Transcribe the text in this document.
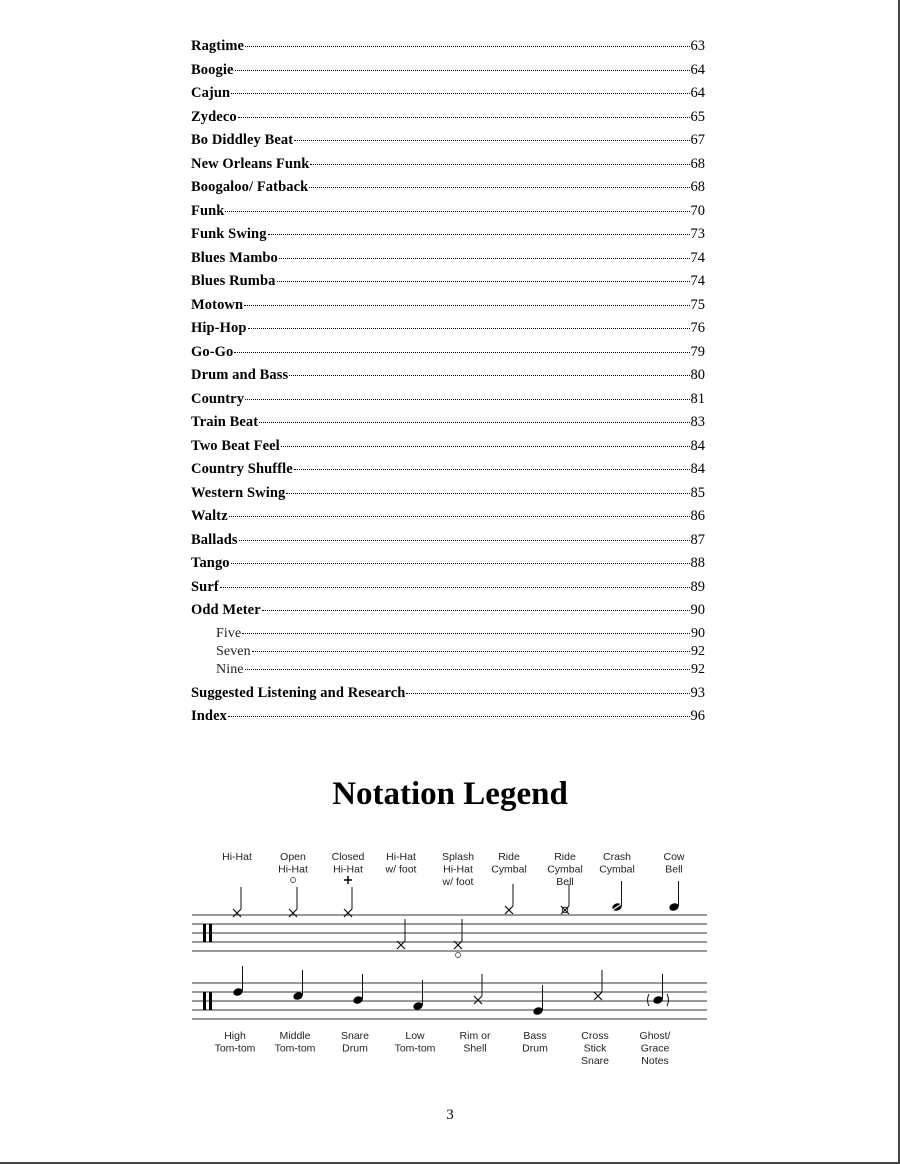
Ragtime	63
Boogie	64
Cajun	64
Zydeco	65
Bo Diddley Beat	67
New Orleans Funk	68
Boogaloo/ Fatback	68
Funk	70
Funk Swing	73
Blues Mambo	74
Blues Rumba	74
Motown	75
Hip-Hop	76
Go-Go	79
Drum and Bass	80
Country	81
Train Beat	83
Two Beat Feel	84
Country Shuffle	84
Western Swing	85
Waltz	86
Ballads	87
Tango	88
Surf	89
Odd Meter	90
Five	90
Seven	92
Nine	92
Suggested Listening and Research	93
Index	96
Notation Legend
Hi-Hat	Open
Hi-Hat
Closed
Hi-Hat
Hi-Hat
w/ foot
Splash
Hi-Hat
w/ foot
Ride
Cymbal
Ride
Cymbal
Bell
Crash
Cymbal
Cow
Bell
High
Tom-tom
Middle
Tom-tom
Snare
Drum
Low
Tom-tom
Rim or
Shell
Bass
Drum
Cross
Stick
Snare
Ghost/
Grace
Notes
3
